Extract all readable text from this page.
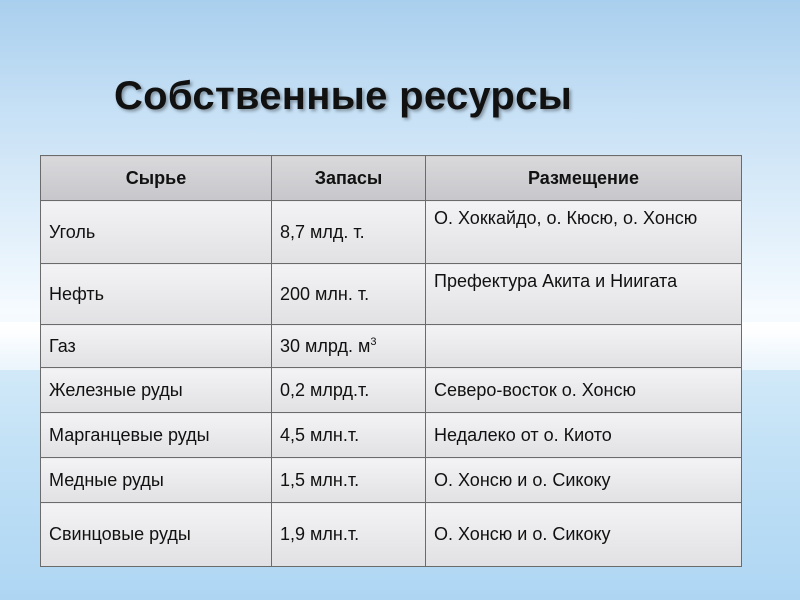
Собственные ресурсы
Сырье	Запасы	Размещение
Уголь	8,7 млд. т.	О. Хоккайдо, о. Кюсю, о. Хонсю
Нефть	200 млн. т.	Префектура Акита и Ниигата
Газ	30 млрд. $м^3$	
Железные руды	0,2 млрд.т.	Северо-восток о. Хонсю
Марганцевые руды	4,5 млн.т.	Недалеко от о. Киото
Медные руды	1,5 млн.т.	О. Хонсю и о. Сикоку
Свинцовые руды	1,9 млн.т.	О. Хонсю и о. Сикоку
